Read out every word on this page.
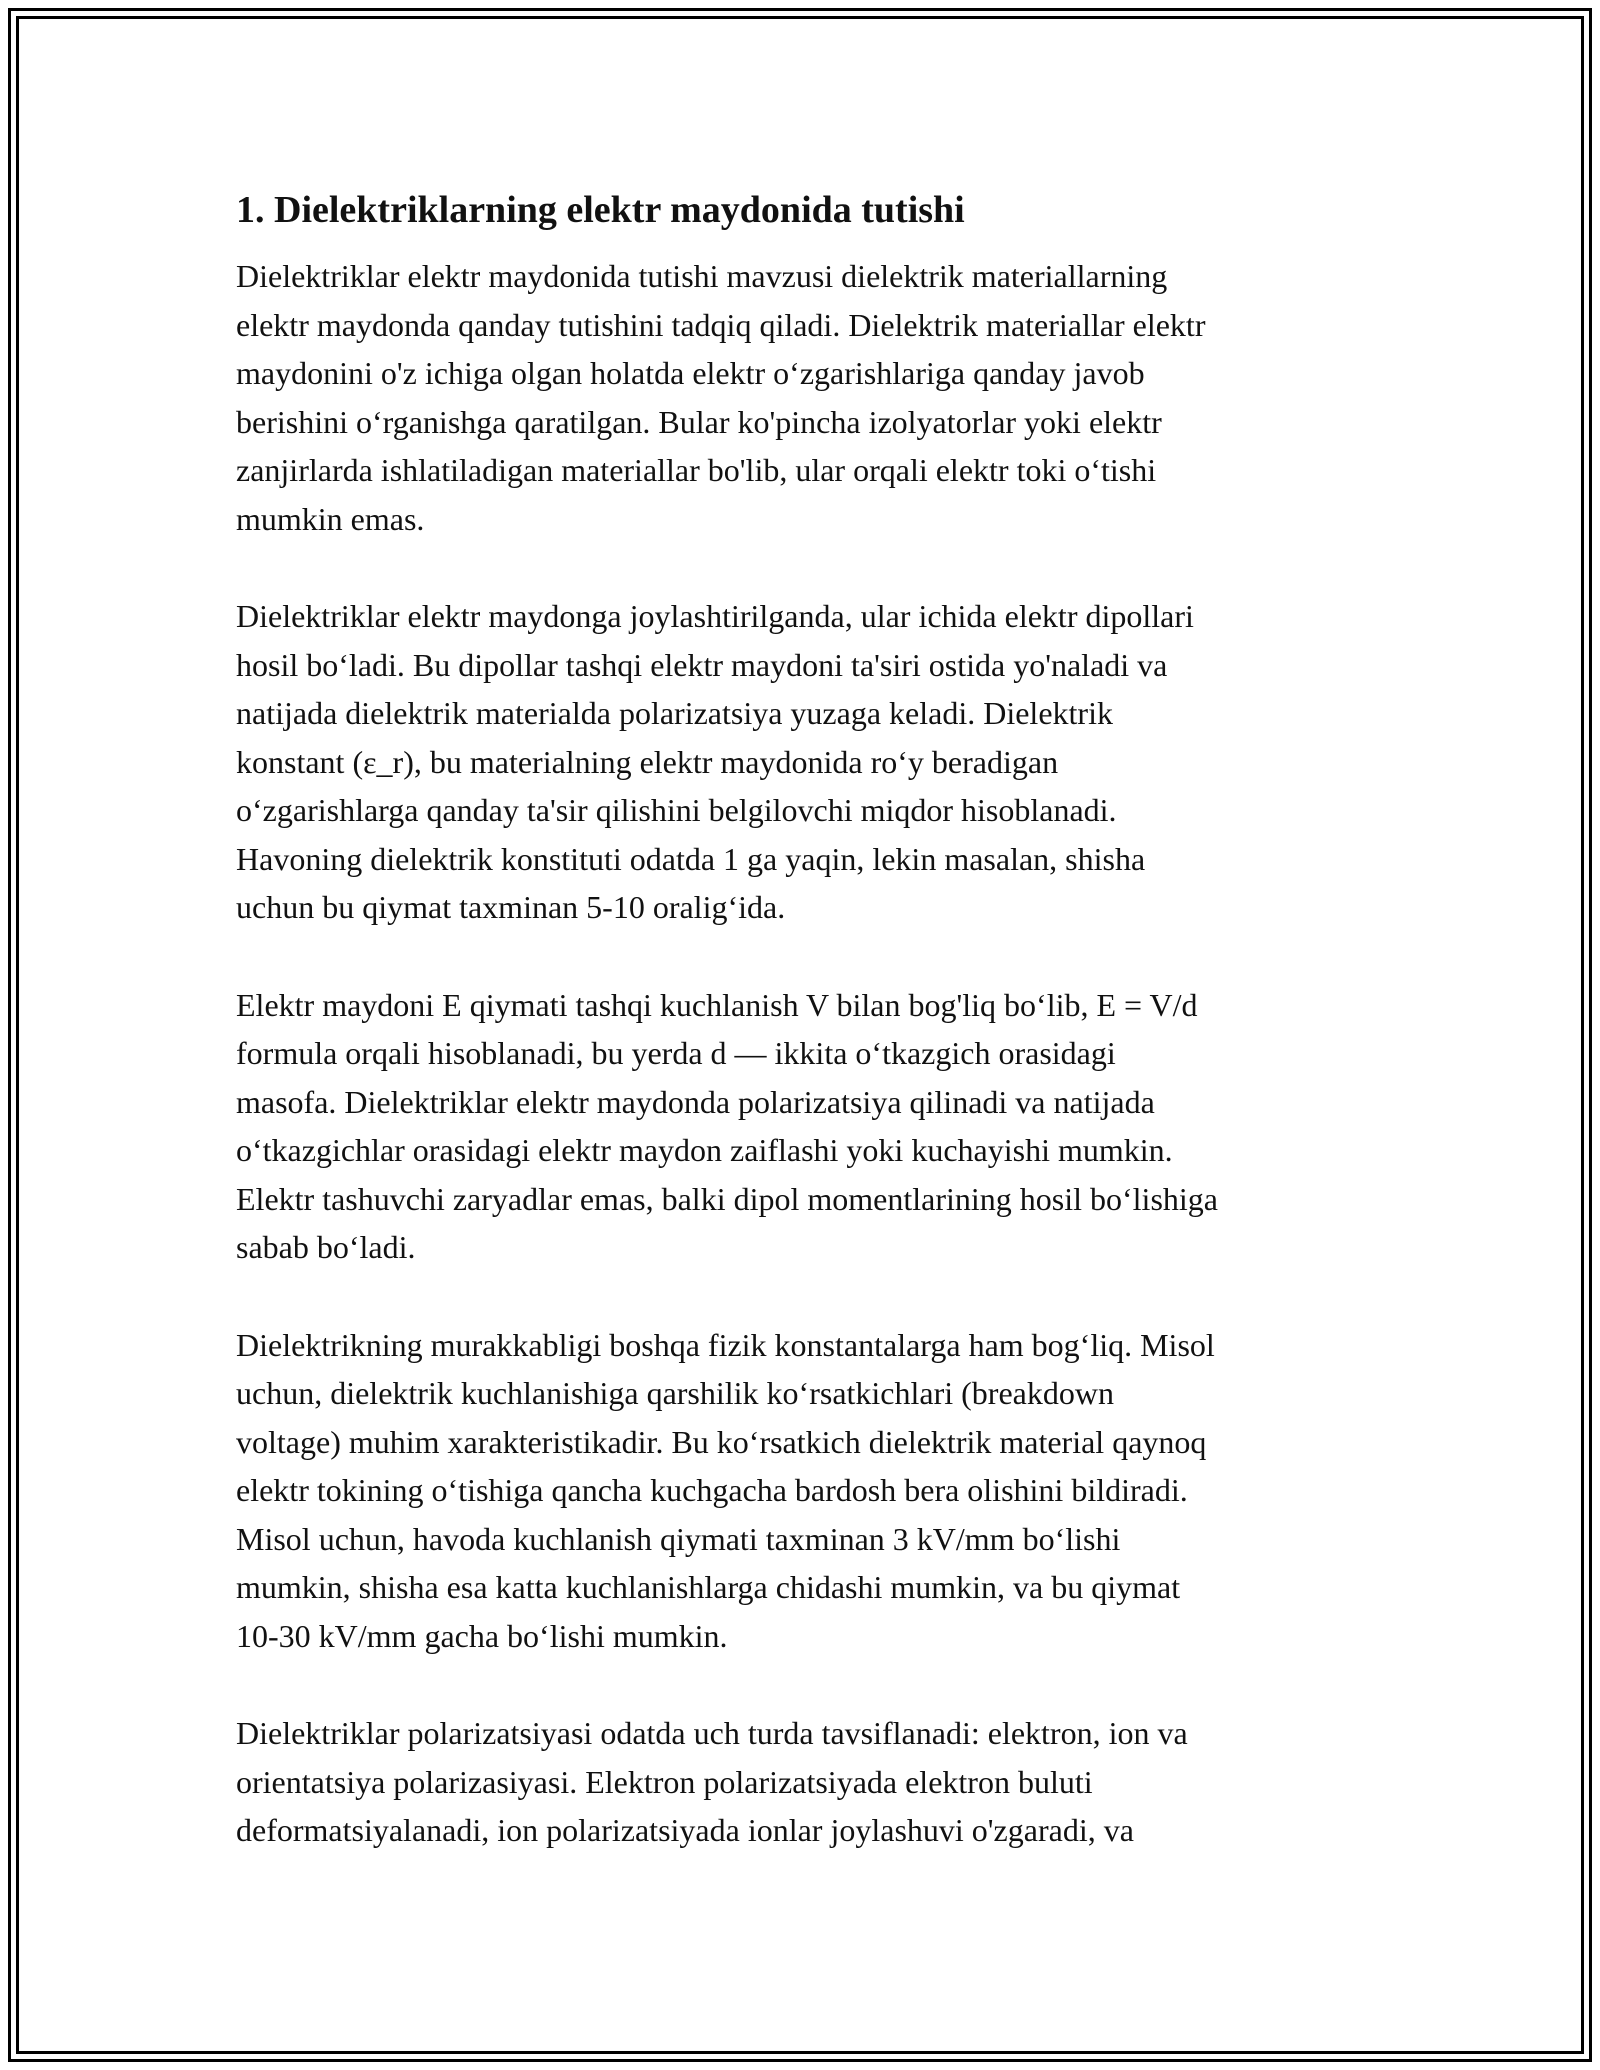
1. Dielektriklarning elektr maydonida tutishi

Dielektriklar elektr maydonida tutishi mavzusi dielektrik materiallarning
elektr maydonda qanday tutishini tadqiq qiladi. Dielektrik materiallar elektr
maydonini o'z ichiga olgan holatda elektr o‘zgarishlariga qanday javob
berishini o‘rganishga qaratilgan. Bular ko'pincha izolyatorlar yoki elektr
zanjirlarda ishlatiladigan materiallar bo'lib, ular orqali elektr toki o‘tishi
mumkin emas.

Dielektriklar elektr maydonga joylashtirilganda, ular ichida elektr dipollari
hosil bo‘ladi. Bu dipollar tashqi elektr maydoni ta'siri ostida yo'naladi va
natijada dielektrik materialda polarizatsiya yuzaga keladi. Dielektrik
konstant (ε_r), bu materialning elektr maydonida ro‘y beradigan
o‘zgarishlarga qanday ta'sir qilishini belgilovchi miqdor hisoblanadi.
Havoning dielektrik konstituti odatda 1 ga yaqin, lekin masalan, shisha
uchun bu qiymat taxminan 5-10 oralig‘ida.

Elektr maydoni E qiymati tashqi kuchlanish V bilan bog'liq bo‘lib, E = V/d
formula orqali hisoblanadi, bu yerda d — ikkita o‘tkazgich orasidagi
masofa. Dielektriklar elektr maydonda polarizatsiya qilinadi va natijada
o‘tkazgichlar orasidagi elektr maydon zaiflashi yoki kuchayishi mumkin.
Elektr tashuvchi zaryadlar emas, balki dipol momentlarining hosil bo‘lishiga
sabab bo‘ladi.

Dielektrikning murakkabligi boshqa fizik konstantalarga ham bog‘liq. Misol
uchun, dielektrik kuchlanishiga qarshilik ko‘rsatkichlari (breakdown
voltage) muhim xarakteristikadir. Bu ko‘rsatkich dielektrik material qaynoq
elektr tokining o‘tishiga qancha kuchgacha bardosh bera olishini bildiradi.
Misol uchun, havoda kuchlanish qiymati taxminan 3 kV/mm bo‘lishi
mumkin, shisha esa katta kuchlanishlarga chidashi mumkin, va bu qiymat
10-30 kV/mm gacha bo‘lishi mumkin.

Dielektriklar polarizatsiyasi odatda uch turda tavsiflanadi: elektron, ion va
orientatsiya polarizasiyasi. Elektron polarizatsiyada elektron buluti
deformatsiyalanadi, ion polarizatsiyada ionlar joylashuvi o'zgaradi, va
